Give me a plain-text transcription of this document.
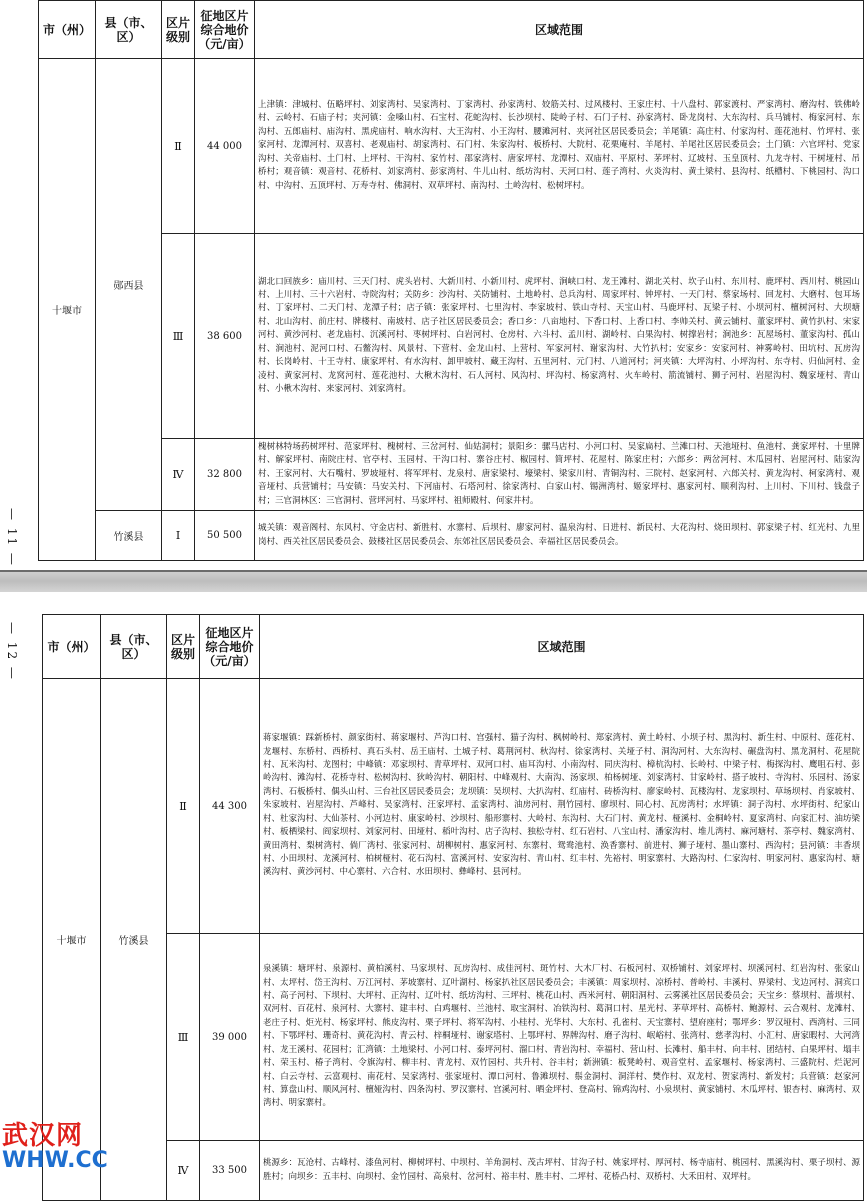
— 11 —
市（州）	县（市、区）	区片级别	征地区片综合地价（元/亩）	区域范围
十堰市	郧西县	Ⅱ	44 000	上津镇：津城村、伍略坪村、刘家湾村、吴家湾村、丁家湾村、孙家湾村、姣筋关村、过风楼村、王家庄村、十八盘村、郭家渡村、严家湾村、磨沟村、铁佛岭村、云岭村、石庙子村；夹河镇：金嗓山村、石宝村、花蛇沟村、长沙坝村、陡岭子村、石门子村、孙家湾村、卧龙岗村、大东沟村、兵马铺村、梅家河村、东沟村、五郎庙村、庙沟村、黑虎庙村、响水沟村、大王沟村、小王沟村、腰滩河村、夹河社区居民委员会；羊尾镇：高庄村、付家沟村、莲花池村、竹坪村、张家河村、龙潭河村、双喜村、老观庙村、胡家湾村、石门村、朱家沟村、板桥村、大院村、花栗庵村、羊尾村、羊尾社区居民委员会；土门镇：六官坪村、党家沟村、关帝庙村、土门村、上坪村、干沟村、家竹村、邵家湾村、唐家坪村、龙潭村、双庙村、平原村、茅坪村、辽坡村、玉皇顶村、九龙寺村、干树垭村、吊桥村；观音镇：观音村、花桥村、刘家湾村、彭家湾村、牛儿山村、纸坊沟村、天河口村、莲子湾村、火炎沟村、黄土梁村、县沟村、纸槽村、下桃园村、沟口村、中沟村、五顶坪村、万寿寺村、佛洞村、双草坪村、南沟村、土岭沟村、松树坪村。
		Ⅲ	38 600	湖北口回族乡：庙川村、三天门村、虎头岩村、大新川村、小新川村、虎坪村、涧峡口村、龙王滩村、湖北关村、坎子山村、东川村、鹿坪村、西川村、桃园山村、上川村、三十六岩村、寺院沟村；关防乡：沙沟村、关防铺村、土地岭村、总兵沟村、周家坪村、钟坪村、一天门村、蔡家场村、回龙村、大磨村、包耳场村、丁家坪村、二天门村、龙潭子村；店子镇：张家坪村、七里沟村、李家坡村、铁山寺村、天宝山村、马鹿坪村、瓦梁子村、小坝河村、檀树河村、大坝塘村、北山沟村、前庄村、牌楼村、南坡村、店子社区居民委员会；香口乡：八亩地村、下香口村、上香口村、李帅关村、黄云铺村、董家坪村、黄竹扒村、宋家河村、黄沙河村、老龙庙村、沉溪河村、枣树坪村、白岩河村、仓房村、六斗村、孟川村、湖岭村、白果沟村、树撑岩村；涧池乡：瓦屋场村、董家沟村、孤山村、涧池村、泥河口村、石鳖沟村、风景村、下营村、金龙山村、上营村、军家河村、谢家沟村、大竹扒村；安家乡：安家河村、神雾岭村、田坑村、瓦房沟村、长岗岭村、十王寺村、康家坪村、有水沟村、卸甲坡村、藏王沟村、五里河村、元门村、八道河村；河夹镇：大坪沟村、小坪沟村、东寺村、归仙河村、金凌村、黄家河村、龙窝河村、莲花池村、大楸木沟村、石人河村、风沟村、坪沟村、杨家湾村、火车岭村、箭流铺村、狮子河村、岩屋沟村、魏家垭村、青山村、小楸木沟村、来家河村、刘家湾村。
		Ⅳ	32 800	槐树林特场药树坪村、范家坪村、槐树村、三岔河村、仙姑洞村；景阳乡：骡马店村、小河口村、吴家扁村、兰滩口村、天池垭村、鱼池村、龚家坪村、十里牌村、解家坪村、南院庄村、官亭村、玉园村、干沟口村、寨谷庄村、椒园村、简坪村、花屋村、陈家庄村；六郎乡：两岔河村、木瓜园村、岩屋河村、陆家沟村、王家河村、大石嘴村、罗坡垭村、将军坪村、龙泉村、唐家梁村、壕梁村、梁家川村、青铜沟村、三院村、赵家河村、六郎关村、黄龙沟村、柯家湾村、观音垭村、兵营铺村；马安镇：马安关村、下河庙村、石塔河村、徐家湾村、白家山村、锡洲湾村、姬家坪村、惠家河村、顺利沟村、上川村、下川村、钱盘子村；三官洞林区：三官洞村、营坪河村、马家坪村、祖师殿村、何家井村。
	竹溪县	Ⅰ	50 500	城关镇：观音阁村、东风村、守金店村、新胜村、水寨村、后坝村、廖家河村、温泉沟村、日进村、新民村、大花沟村、烧田坝村、郭家梁子村、红光村、九里岗村、西关社区居民委员会、鼓楼社区居民委员会、东郊社区居民委员会、幸福社区居民委员会。
— 12 — 市（州）	县（市、区）	区片级别	征地区片综合地价（元/亩）	区域范围
十堰市	竹溪县	Ⅱ	44 300	蒋家堰镇：踩新桥村、颜家街村、蒋家堰村、芦沟口村、宫强村、猫子沟村、枫树岭村、郑家湾村、黄土岭村、小坝子村、黑沟村、新生村、中原村、莲花村、龙堰村、东桥村、西桥村、真石头村、岳王庙村、土城子村、葛荆河村、秋沟村、徐家湾村、关垭子村、洞沟河村、大东沟村、碾盘沟村、黑龙洞村、花屋院村、瓦米沟村、龙图村；中峰镇：邓家坝村、青草坪村、双河口村、庙耳沟村、小南沟村、同庆沟村、樟杭沟村、长岭村、中梁子村、梅探沟村、鹰咀石村、彭岭沟村、滩沟村、花桥寺村、松树沟村、狄岭沟村、朝阳村、中峰观村、大南沟、汤家坝、柏杨树垭、刘家湾村、甘家岭村、搭子坡村、寺沟村、乐园村、汤家湾村、石板桥村、偶头山村、三台社区居民委员会；龙坝镇：吴坝村、大扒沟村、红庙村、砖桥沟村、廖家岭村、瓦楼沟村、龙家坝村、草场坝村、肖家坡村、朱家坡村、岩屋沟村、芦峰村、吴家湾村、汪家坪村、孟家湾村、油房河村、荆竹园村、廖坝村、同心村、瓦房湾村；水坪镇：洞子沟村、水坪街村、纪家山村、杜家沟村、大仙茶村、小河边村、康家岭村、沙坝村、船形寨村、大岭村、东沟村、大石门村、黄龙村、桠溪村、金桐岭村、夏家湾村、向家汇村、油坊梁村、板栖梁村、阎家坝村、刘家河村、田垭村、稻叶沟村、店子沟村、独松寺村、红石岩村、八宝山村、潘家沟村、堆儿湾村、麻河塘村、茶亭村、魏家湾村、黄田湾村、梨树湾村、倘厂湾村、张家河村、胡柳树村、惠家河村、东寨村、鸳鸯池村、涣香寨村、前进村、狮子垭村、墨山寨村、西沟村；县河镇：丰香坝村、小田坝村、龙溪河村、柏树桠村、花石沟村、富溪河村、安家沟村、青山村、红丰村、先裕村、明家寨村、大路沟村、仁家沟村、明家河村、惠家沟村、塘溪沟村、黄沙河村、中心寨村、六合村、水田坝村、彝峰村、县河村。
		Ⅲ	39 000	泉溪镇：塘坪村、泉源村、黄柏溪村、马家坝村、瓦房沟村、成佳河村、斑竹村、大木厂村、石板河村、双桥铺村、刘家坪村、坝溪河村、红岩沟村、张家山村、太坪村、岱王沟村、万江河村、茅坡寨村、辽叶湖村、杨家扒社区居民委员会；丰溪镇：周家坝村、凉桥村、普岭村、丰溪村、界梁村、戈边河村、洞宾口村、高子河村、下坝村、大坪村、正沟村、辽叶村、纸坊沟村、三坪村、桃花山村、西米河村、朝阳洞村、云雾溪社区居民委员会；天宝乡：蔡坝村、蔷坝村、双河村、百花村、泉河村、大寨村、建丰村、白鸡堰村、兰池村、取宝洞村、冶铁沟村、葛洞口村、星光村、茅草坪村、高桥村、鲍源村、云合观村、龙滩村、老庄子村、炬光村、杨家坪村、熊皮沟村、栗子坪村、将军沟村、小桂村、光华村、大东村、孔雀村、天宝寨村、望府座村；鄂坪乡：罗汉垭村、西湾村、三同村、下鄂坪村、珊奇村、黄花沟村、青云村、梓桐垭村、谢家塔村、上鄂坪村、界牌沟村、磨子沟村、岷峪村、张湾村、慈孝沟村、小汇村、唐家暇村、大河湾村、龙王溪村、花园村；汇湾镇：土地梁村、小河口村、泰坪河村、溜口村、青岩沟村、幸福村、营山村、长滩村、船丰村、向丰村、团结村、白果坪村、塌丰村、荣玉村、椿子湾村、令旗沟村、柳丰村、青龙村、双竹园村、共升村、谷丰村；新洲镇：板凳岭村、观音堂村、孟家堰村、杨家湾村、三盛院村、烂泥河村、白云寺村、云富观村、南花村、吴家湾村、张家垭村、潭口河村、鲁滩坝村、鬃金洞村、洞洋村、樊作村、双龙村、贺家湾村、新发村；兵营镇：赵家河村、算盘山村、顺风河村、檀娅沟村、四条沟村、罗汉寨村、宫溪河村、晒金坪村、登高村、锦鸡沟村、小泉坝村、黄家铺村、木瓜坪村、银杏村、麻湾村、双湾村、明家寨村。
		Ⅳ	33 500	桃源乡：瓦沧村、古峰村、漆鱼河村、柳树坪村、中坝村、羊角洞村、茂古坪村、甘沟子村、姚家坪村、厚河村、杨寺庙村、桃园村、黑溪沟村、栗子坝村、源胜村；向坝乡：五丰村、向坝村、金竹园村、高泉村、岔河村、裕丰村、胜丰村、二坪村、花桥凸村、双桥村、大禾田村、双坪村。
武汉网
WHW.CC
